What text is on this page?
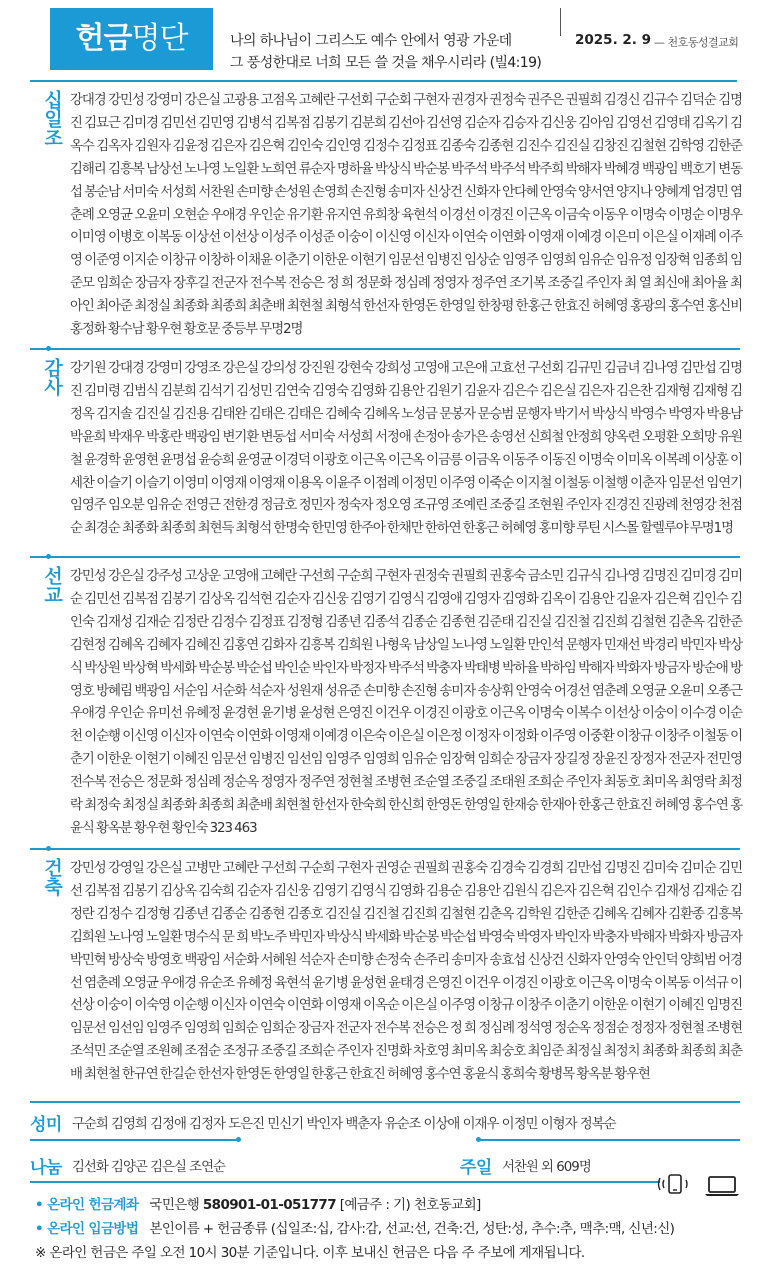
헌금명단	나의 하나님이 그리스도 예수 안에서 영광 가운데
그 풍성한대로 너희 모든 쓸 것을 채우시리라 (빌4:19)
2025. 2. 9 — 천호동성결교회
십일조 강대경 강민성 강영미 강은실 고광용 고점옥 고혜란 구선회 구순회 구현자 권경자 권정숙 권주은 권필희 김경신 김규수 김덕순 김명진 김묘근 김미경 김민선 김민영 김병석 김복점 김봉기 김분희 김선아 김선영 김순자 김승자 김신웅 김아임 김영선 김영태 김옥기 김옥수 김옥자 김원자 김윤정 김은자 김은혁 김인숙 김인영 김정수 김정표 김종숙 김종현 김진수 김진실 김창진 김철현 김학영 김한준 김해리 김흥복 남상선 노나영 노일환 노희연 류순자 명하율 박상식 박순봉 박주석 박주석 박주희 박해자 박혜경 백광임 백호기 변동섭 봉순남 서미숙 서성희 서찬원 손미향 손성원 손영희 손진형 송미자 신상건 신화자 안다혜 안영숙 양서연 양지나 양혜계 엄경민 염춘례 오영균 오윤미 오현순 우애경 우인순 유기환 유지연 유희창 육현석 이경선 이경진 이근옥 이금숙 이동우 이명숙 이명순 이명우 이미영 이병호 이복동 이상선 이선상 이성주 이성준 이숭이 이신영 이신자 이연숙 이연화 이영재 이예경 이은미 이은실 이재례 이주영 이준영 이지순 이창규 이창하 이채윤 이춘기 이한운 이현기 임문선 임병진 임상순 임영주 임영희 임유순 임유정 임장혁 임종희 임준모 임희순 장금자 장후길 전군자 전수복 전승은 정 희 정문화 정심례 정영자 정주연 조기복 조중길 주인자 최 열 최신애 최아율 최아인 최아준 최정실 최종화 최종희 최춘배 최현철 최형석 한선자 한영돈 한영일 한창평 한홍근 한효진 허혜영 홍광의 홍수연 홍신비 홍정화 황수남 황우현 황호문 중등부 무명2명
감사 강기원 강대경 강영미 강영조 강은실 강의성 강진원 강현숙 강희성 고영애 고은애 고효선 구선회 김규민 김금녀 김나영 김만섭 김명진 김미령 김범식 김분희 김석기 김성민 김연숙 김영숙 김영화 김용안 김원기 김윤자 김은수 김은실 김은자 김은찬 김재형 김재형 김정옥 김지솔 김진실 김진용 김태완 김태은 김태은 김혜숙 김혜옥 노성금 문봉자 문승범 문행자 박기서 박상식 박영수 박영자 박용남 박윤희 박재우 박홍란 백광임 변기환 변동섭 서미숙 서성희 서정애 손정아 송가은 송영선 신희철 안정희 양옥련 오평환 오희망 유원철 윤경학 윤영현 윤명섭 윤승희 윤영균 이경덕 이광호 이근옥 이근옥 이금릉 이금옥 이동주 이동진 이명숙 이미옥 이복례 이상훈 이세찬 이슬기 이슬기 이영미 이영재 이영재 이용옥 이윤주 이점례 이정민 이주영 이죽순 이지철 이철동 이철행 이춘자 임문선 임연기 임영주 임오분 임유순 전영근 전한경 정금호 정민자 정숙자 정오영 조규영 조예린 조중길 조현원 주인자 진경진 진광례 천영강 천점순 최경순 최종화 최종희 최현득 최형석 한명숙 한민영 한주아 한채만 한하연 한홍근 허혜영 홍미향 루틴 시스몰 할렐루야 무명1명
선교 강민성 강은실 강주성 고상운 고영애 고혜란 구선희 구순희 구현자 권정숙 권필희 권홍숙 금소민 김규식 김나영 김명진 김미경 김미순 김민선 김복점 김봉기 김상옥 김석현 김순자 김신웅 김영기 김영식 김영애 김영자 김영화 김옥이 김용안 김윤자 김은혁 김인수 김인숙 김재성 김재순 김정란 김정수 김정표 김정형 김종년 김종석 김종순 김종현 김준태 김진실 김진철 김진희 김철현 김춘옥 김한준 김현정 김혜옥 김혜자 김혜진 김홍연 김화자 김흥복 김희원 나형욱 남상일 노나영 노일환 만인석 문행자 민재선 박경리 박민자 박상식 박상원 박상혁 박세화 박순봉 박순섭 박인순 박인자 박정자 박주석 박충자 박태병 박하율 박하임 박해자 박화자 방금자 방순애 방영호 방혜림 백광임 서순임 서순화 석순자 성원재 성유준 손미향 손진형 송미자 송상휘 안영숙 어경선 염춘례 오영균 오윤미 오종근 우애경 우인순 유미선 유혜정 윤경현 윤기병 윤성현 은영진 이건우 이경진 이광호 이근옥 이명숙 이복수 이선상 이숭이 이수경 이순천 이순행 이신영 이신자 이연숙 이연화 이영재 이예경 이은숙 이은실 이은정 이정자 이정화 이주영 이중환 이창규 이창주 이철동 이춘기 이한운 이현기 이혜진 임문선 임병진 임선임 임영주 임영희 임유순 임장혁 임희순 장금자 장길정 장윤진 장정자 전군자 전민영 전수복 전승은 정문화 정심례 정순옥 정영자 정주연 정현철 조병현 조순열 조중길 조태원 조희순 주인자 최동호 최미옥 최영락 최정락 최정숙 최정실 최종화 최종희 최춘배 최현철 한선자 한숙희 한신희 한영돈 한영일 한재승 한재아 한홍근 한효진 허혜영 홍수연 홍윤식 황옥분 황우현 황인숙 323 463
건축 강민성 강영일 강은실 고병만 고혜란 구선희 구순희 구현자 권영순 권필희 권홍숙 김경숙 김경희 김만섭 김명진 김미숙 김미순 김민선 김복점 김봉기 김상옥 김숙희 김순자 김신웅 김영기 김영식 김영화 김용순 김용안 김원식 김은자 김은혁 김인수 김재성 김재순 김정란 김정수 김정형 김종년 김종순 김종현 김종호 김진실 김진철 김진희 김철현 김춘옥 김학원 김한준 김혜옥 김혜자 김환종 김흥복 김희원 노나영 노일환 명수식 문 희 박노주 박민자 박상식 박세화 박순봉 박순섭 박영숙 박영자 박인자 박충자 박해자 박화자 방금자 박민혁 방상숙 방영호 백광임 서순화 서혜원 석순자 손미향 손정숙 손주리 송미자 송효섭 신상건 신화자 안영숙 안인덕 양희범 어경선 염춘례 오영균 우애경 유순조 유혜정 육현석 윤기병 윤성현 윤태경 은영진 이건우 이경진 이광호 이근옥 이명숙 이복동 이석규 이선상 이숭이 이숙영 이순행 이신자 이연숙 이연화 이영재 이옥순 이은실 이주영 이창규 이창주 이춘기 이한운 이현기 이혜진 임명진 임문선 임선임 임영주 임영희 임희순 임희순 장금자 전군자 전수복 전승은 정 희 정심례 정석영 정순옥 정점순 정정자 정현철 조병현 조석민 조순열 조원혜 조점순 조정규 조중길 조희순 주인자 진명화 차호영 최미옥 최숭호 최임준 최정실 최정치 최종화 최종희 최춘배 최현철 한규연 한길순 한선자 한영돈 한영일 한홍근 한효진 허혜영 홍수연 홍윤식 홍희숙 황병목 황옥분 황우현
성미 구순희 김영희 김정애 김정자 도은진 민신기 박인자 백춘자 유순조 이상애 이재우 이정민 이형자 정복순
나눔 김선화 김양곤 김은실 조연순	주일 서찬원 외 609명
• 온라인 헌금계좌 국민은행 580901-01-051777 [예금주 : 기) 천호동교회]
• 온라인 입금방법 본인이름 + 헌금종류 (십일조:십, 감사:감, 선교:선, 건축:건, 성탄:성, 추수:추, 맥추:맥, 신년:신)
※ 온라인 헌금은 주일 오전 10시 30분 기준입니다. 이후 보내신 헌금은 다음 주 주보에 게재됩니다.
